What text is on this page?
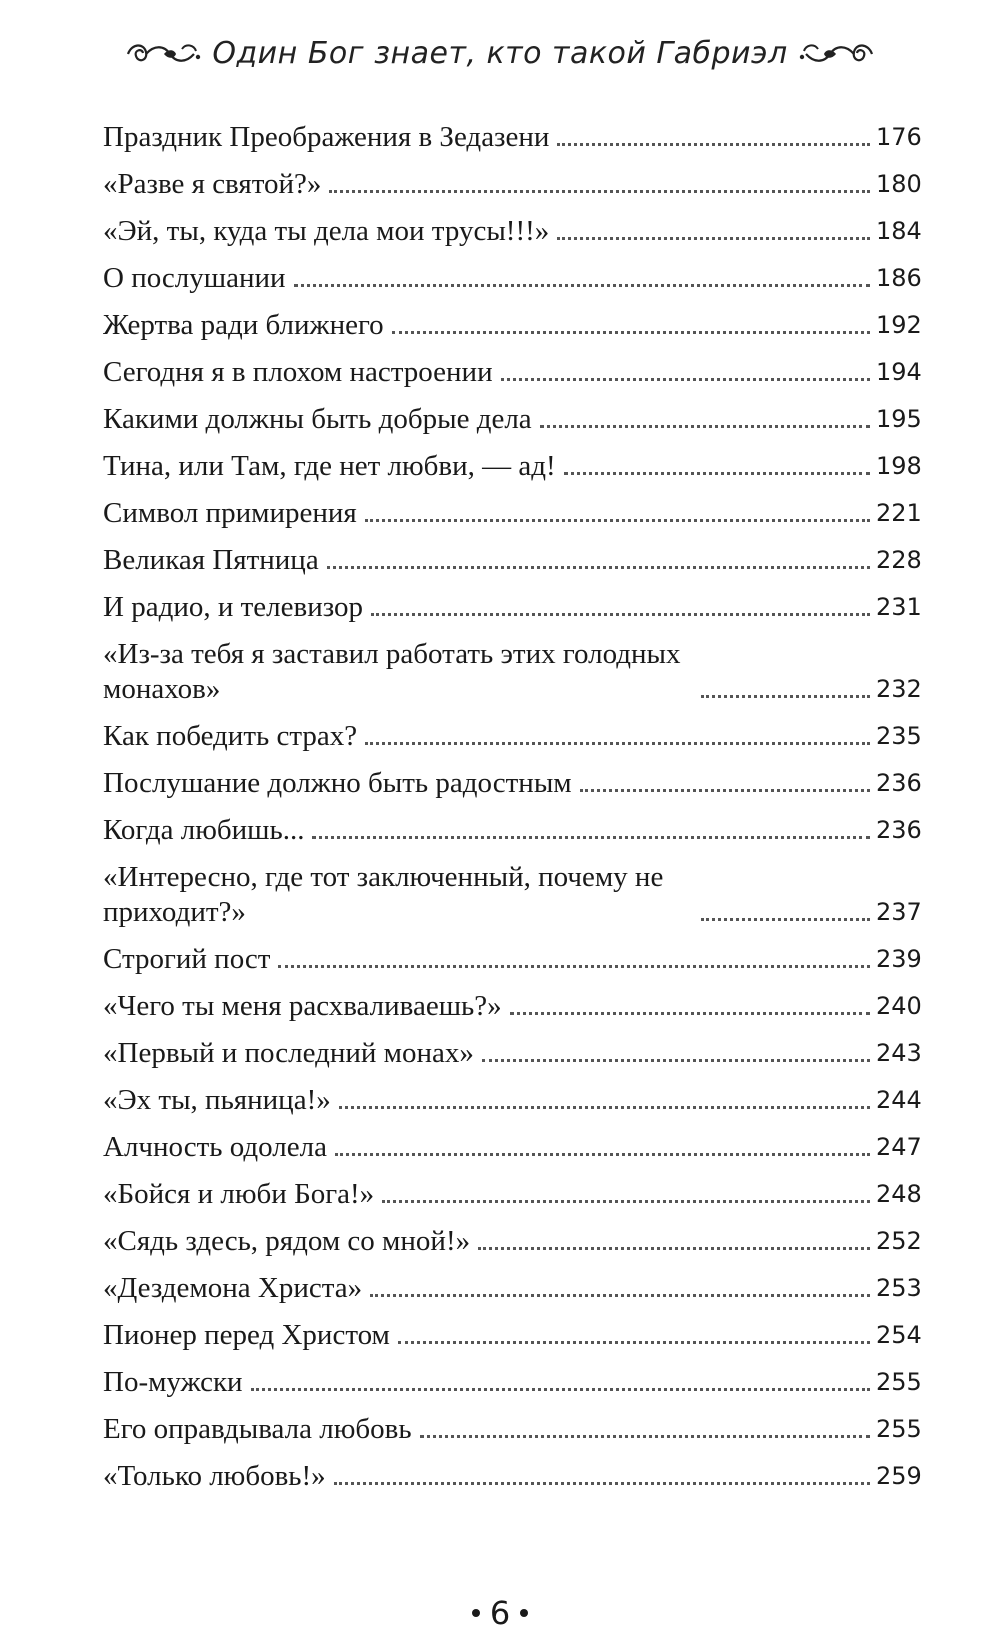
Один Бог знает, кто такой Габриэл
Праздник Преображения в Зедазени	176
«Разве я святой?»	180
«Эй, ты, куда ты дела мои трусы!!!»	184
О послушании	186
Жертва ради ближнего	192
Сегодня я в плохом настроении	194
Какими должны быть добрые дела	195
Тина, или Там, где нет любви, — ад!	198
Символ примирения	221
Великая Пятница	228
И радио, и телевизор	231
«Из-за тебя я заставил работать этих голодных монахов»	232
Как победить страх?	235
Послушание должно быть радостным	236
Когда любишь...	236
«Интересно, где тот заключенный, почему не приходит?»	237
Строгий пост	239
«Чего ты меня расхваливаешь?»	240
«Первый и последний монах»	243
«Эх ты, пьяница!»	244
Алчность одолела	247
«Бойся и люби Бога!»	248
«Сядь здесь, рядом со мной!»	252
«Дездемона Христа»	253
Пионер перед Христом	254
По-мужски	255
Его оправдывала любовь	255
«Только любовь!»	259
6
